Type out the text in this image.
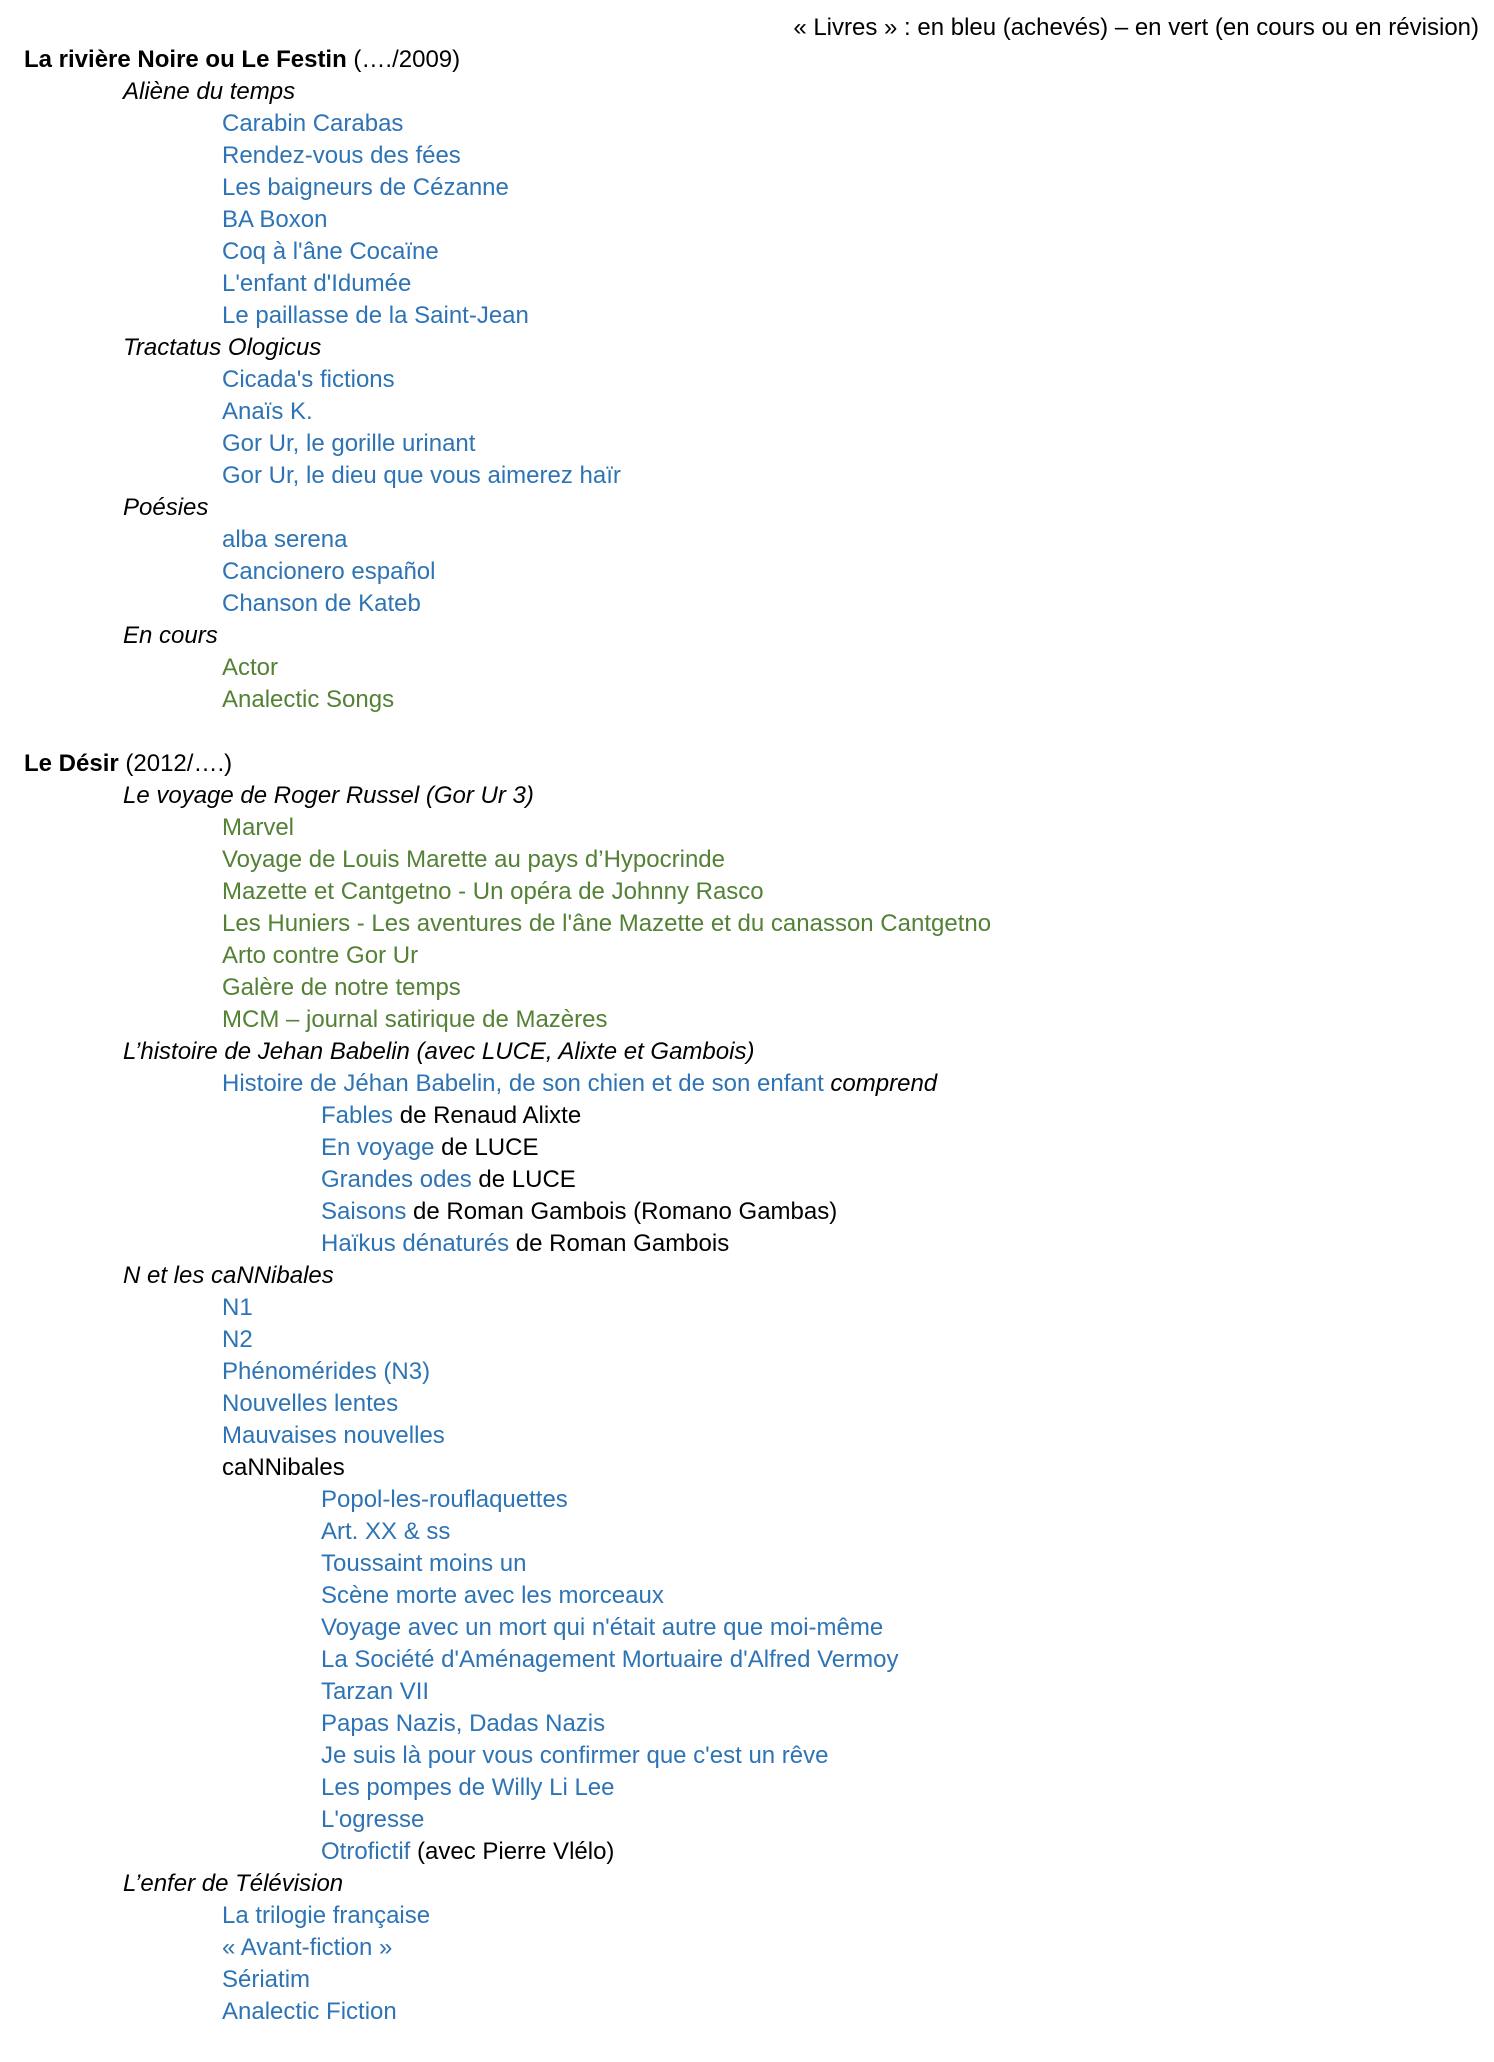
« Livres » : en bleu (achevés) – en vert (en cours ou en révision)
La rivière Noire ou Le Festin (…./2009)
Aliène du temps
Carabin Carabas
Rendez-vous des fées
Les baigneurs de Cézanne
BA Boxon
Coq à l'âne Cocaïne
L'enfant d'Idumée
Le paillasse de la Saint-Jean
Tractatus Ologicus
Cicada's fictions
Anaïs K.
Gor Ur, le gorille urinant
Gor Ur, le dieu que vous aimerez haïr
Poésies
alba serena
Cancionero español
Chanson de Kateb
En cours
Actor
Analectic Songs
Le Désir (2012/….)
Le voyage de Roger Russel (Gor Ur 3)
Marvel
Voyage de Louis Marette au pays d’Hypocrinde
Mazette et Cantgetno - Un opéra de Johnny Rasco
Les Huniers - Les aventures de l'âne Mazette et du canasson Cantgetno
Arto contre Gor Ur
Galère de notre temps
MCM – journal satirique de Mazères
L’histoire de Jehan Babelin (avec LUCE, Alixte et Gambois)
Histoire de Jéhan Babelin, de son chien et de son enfant comprend
Fables de Renaud Alixte
En voyage de LUCE
Grandes odes de LUCE
Saisons de Roman Gambois (Romano Gambas)
Haïkus dénaturés de Roman Gambois
N et les caNNibales
N1
N2
Phénomérides (N3)
Nouvelles lentes
Mauvaises nouvelles
caNNibales
Popol-les-rouflaquettes
Art. XX & ss
Toussaint moins un
Scène morte avec les morceaux
Voyage avec un mort qui n'était autre que moi-même
La Société d'Aménagement Mortuaire d'Alfred Vermoy
Tarzan VII
Papas Nazis, Dadas Nazis
Je suis là pour vous confirmer que c'est un rêve
Les pompes de Willy Li Lee
L'ogresse
Otrofictif (avec Pierre Vlélo)
L’enfer de Télévision
La trilogie française
« Avant-fiction »
Sériatim
Analectic Fiction
